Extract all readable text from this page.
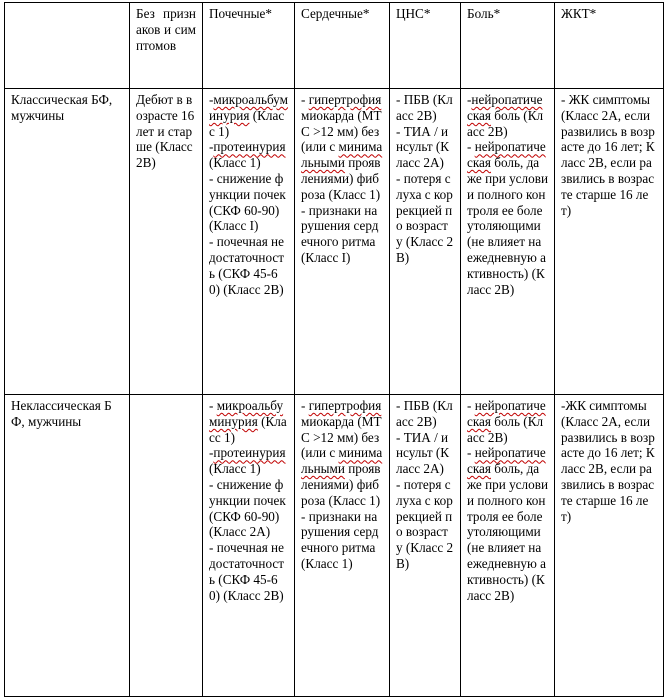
	Без признаков и симптомов	Почечные*	Сердечные*	ЦНС*	Боль*	ЖКТ*
Классическая БФ, мужчины	Дебют в возрасте 16 лет и старше (Класс 2В)	-микроальбуминурия (Класс 1)
-протеинурия (Класс 1)
- снижение функции почек (СКФ 60-90) (Класс I)
- почечная недостаточность (СКФ 45-60) (Класс 2В)	- гипертрофия миокарда (МТС >12 мм) без (или с минимальными проявлениями) фиброза (Класс 1)
- признаки нарушения сердечного ритма (Класс I)	- ПБВ (Класс 2В)
- ТИА / инсульт (Класс 2А)
- потеря слуха с коррекцией по возрасту (Класс 2В)	-нейропатическая боль (Класс 2В)
- нейропатическая боль, даже при условии полного контроля ее болеутоляющими (не влияет на ежедневную активность) (Класс 2В)	- ЖК симптомы (Класс 2А, если развились в возрасте до 16 лет; Класс 2В, если развились в возрасте старше 16 лет)

Неклассическая БФ, мужчины		- микроальбуминурия (Класс 1)
-протеинурия (Класс 1)
- снижение функции почек (СКФ 60-90) (Класс 2А)
- почечная недостаточность (СКФ 45-60) (Класс 2В)	- гипертрофия миокарда (МТС >12 мм) без (или с минимальными проявлениями) фиброза (Класс 1)
- признаки нарушения сердечного ритма (Класс 1)	- ПБВ (Класс 2В)
- ТИА / инсульт (Класс 2А)
- потеря слуха с коррекцией по возрасту (Класс 2В)	- нейропатическая боль (Класс 2В)
- нейропатическая боль, даже при условии полного контроля ее болеутоляющими (не влияет на ежедневную активность) (Класс 2В)	-ЖК симптомы (Класс 2А, если развились в возрасте до 16 лет; Класс 2В, если развились в возрасте старше 16 лет)
